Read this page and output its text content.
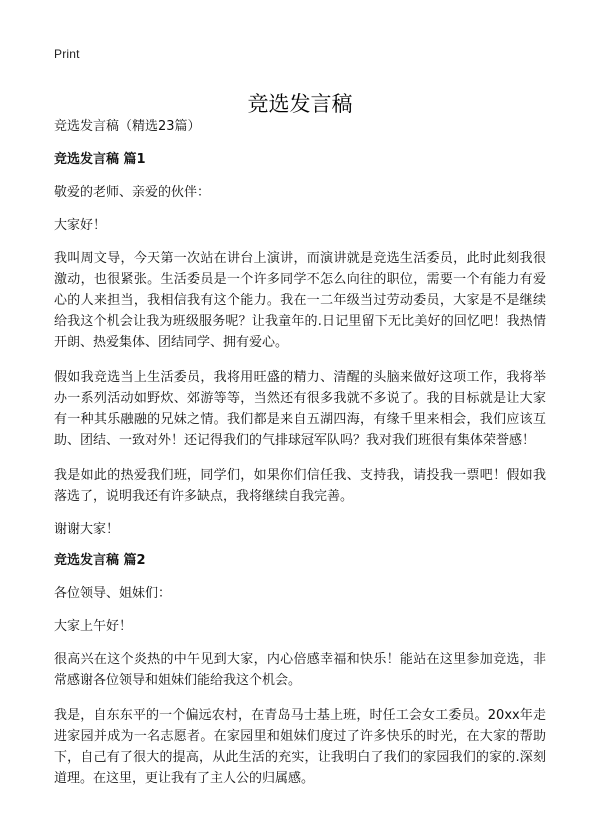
Print
竞选发言稿
竞选发言稿（精选23篇）
竞选发言稿 篇1

敬爱的老师、亲爱的伙伴：

大家好！

我叫周文导，今天第一次站在讲台上演讲，而演讲就是竞选生活委员，此时此刻我很激动，也很紧张。生活委员是一个许多同学不怎么向往的职位，需要一个有能力有爱心的人来担当，我相信我有这个能力。我在一二年级当过劳动委员，大家是不是继续给我这个机会让我为班级服务呢？让我童年的.日记里留下无比美好的回忆吧！我热情开朗、热爱集体、团结同学、拥有爱心。

假如我竞选当上生活委员，我将用旺盛的精力、清醒的头脑来做好这项工作，我将举办一系列活动如野炊、郊游等等，当然还有很多我就不多说了。我的目标就是让大家有一种其乐融融的兄妹之情。我们都是来自五湖四海，有缘千里来相会，我们应该互助、团结、一致对外！还记得我们的气排球冠军队吗？我对我们班很有集体荣誉感！

我是如此的热爱我们班，同学们，如果你们信任我、支持我，请投我一票吧！假如我落选了，说明我还有许多缺点，我将继续自我完善。

谢谢大家！

竞选发言稿 篇2

各位领导、姐妹们：

大家上午好！

很高兴在这个炎热的中午见到大家，内心倍感幸福和快乐！能站在这里参加竞选，非常感谢各位领导和姐妹们能给我这个机会。

我是，自东东平的一个偏远农村，在青岛马士基上班，时任工会女工委员。20xx年走进家园并成为一名志愿者。在家园里和姐妹们度过了许多快乐的时光，在大家的帮助下，自己有了很大的提高，从此生活的充实，让我明白了我们的家园我们的家的.深刻道理。在这里，更让我有了主人公的归属感。
